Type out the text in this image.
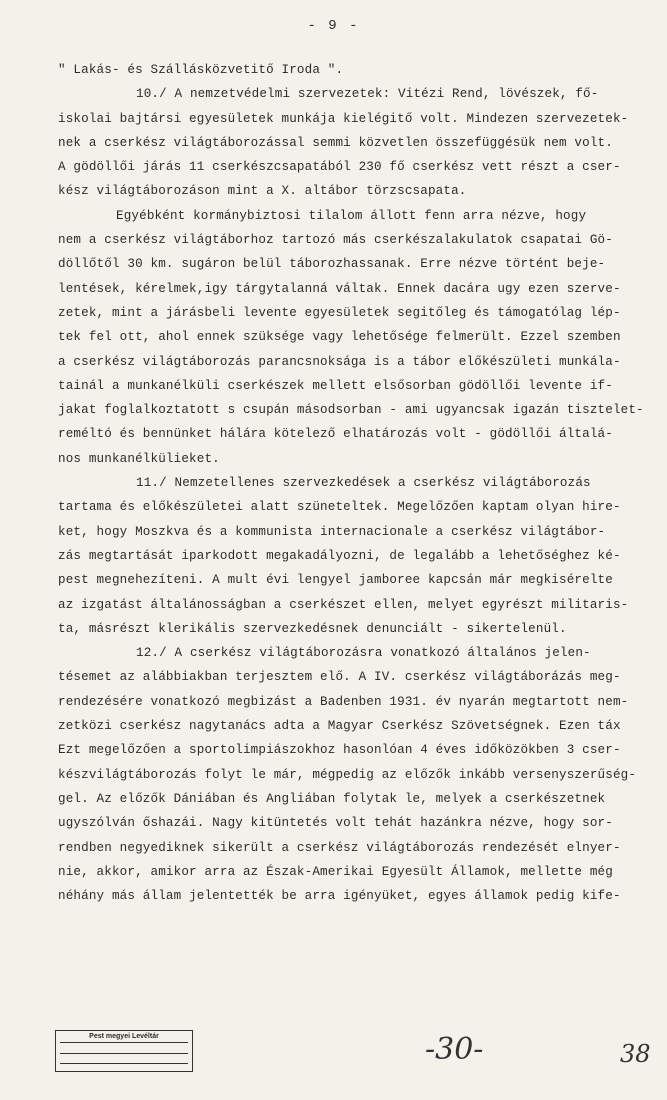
- 9 -
" Lakás- és Szállásközvetitő Iroda ".
10./ A nemzetvédelmi szervezetek: Vitézi Rend, lövészek, fő-
iskolai bajtársi egyesületek munkája kielégitő volt. Mindezen szervezetek-
nek a cserkész világtáborozással semmi közvetlen összefüggésük nem volt.
A gödöllői járás 11 cserkészcsapatából 230 fő cserkész vett részt a cser-
kész világtáborozáson mint a X. altábor törzscsapata.
Egyébként kormánybiztosi tilalom állott fenn arra nézve, hogy
nem a cserkész világtáborhoz tartozó más cserkészalakulatok csapatai Gö-
döllőtől 30 km. sugáron belül táborozhassanak. Erre nézve történt beje-
lentések, kérelmek,igy tárgytalanná váltak. Ennek dacára ugy ezen szerve-
zetek, mint a járásbeli levente egyesületek segitőleg és támogatólag lép-
tek fel ott, ahol ennek szüksége vagy lehetősége felmerült. Ezzel szemben
a cserkész világtáborozás parancsnoksága is a tábor előkészületi munkála-
tainál a munkanélküli cserkészek mellett elsősorban gödöllői levente if-
jakat foglalkoztatott s csupán másodsorban - ami ugyancsak igazán tisztelet-
reméltó és bennünket hálára kötelező elhatározás volt - gödöllői általá-
nos munkanélkülieket.
11./ Nemzetellenes szervezkedések a cserkész világtáborozás
tartama és előkészületei alatt szüneteltek. Megelőzően kaptam olyan hire-
ket, hogy Moszkva és a kommunista internacionale a cserkész világtábor-
zás megtartását iparkodott megakadályozni, de legalább a lehetőséghez ké-
pest megnehezíteni. A mult évi lengyel jamboree kapcsán már megkisérelte
az izgatást általánosságban a cserkészet ellen, melyet egyrészt militaris-
ta, másrészt klerikális szervezkedésnek denunciált - sikertelenül.
12./ A cserkész világtáborozásra vonatkozó általános jelen-
tésemet az alábbiakban terjesztem elő. A IV. cserkész világtáborázás meg-
rendezésére vonatkozó megbizást a Badenben 1931. év nyarán megtartott nem-
zetközi cserkész nagytanács adta a Magyar Cserkész Szövetségnek. Ezen táx
Ezt megelőzően a sportolimpiászokhoz hasonlóan 4 éves időközökben 3 cser-
készvilágtáborozás folyt le már, mégpedig az előzők inkább versenyszerűség-
gel. Az előzők Dániában és Angliában folytak le, melyek a cserkészetnek
ugyszólván őshazái. Nagy kitüntetés volt tehát hazánkra nézve, hogy sor-
rendben negyediknek sikerült a cserkész világtáborozás rendezését elnyer-
nie, akkor, amikor arra az Észak-Amerikai Egyesült Államok, mellette még
néhány más állam jelentették be arra igényüket, egyes államok pedig kife-
Pest megyei Levéltár	-30-	38
